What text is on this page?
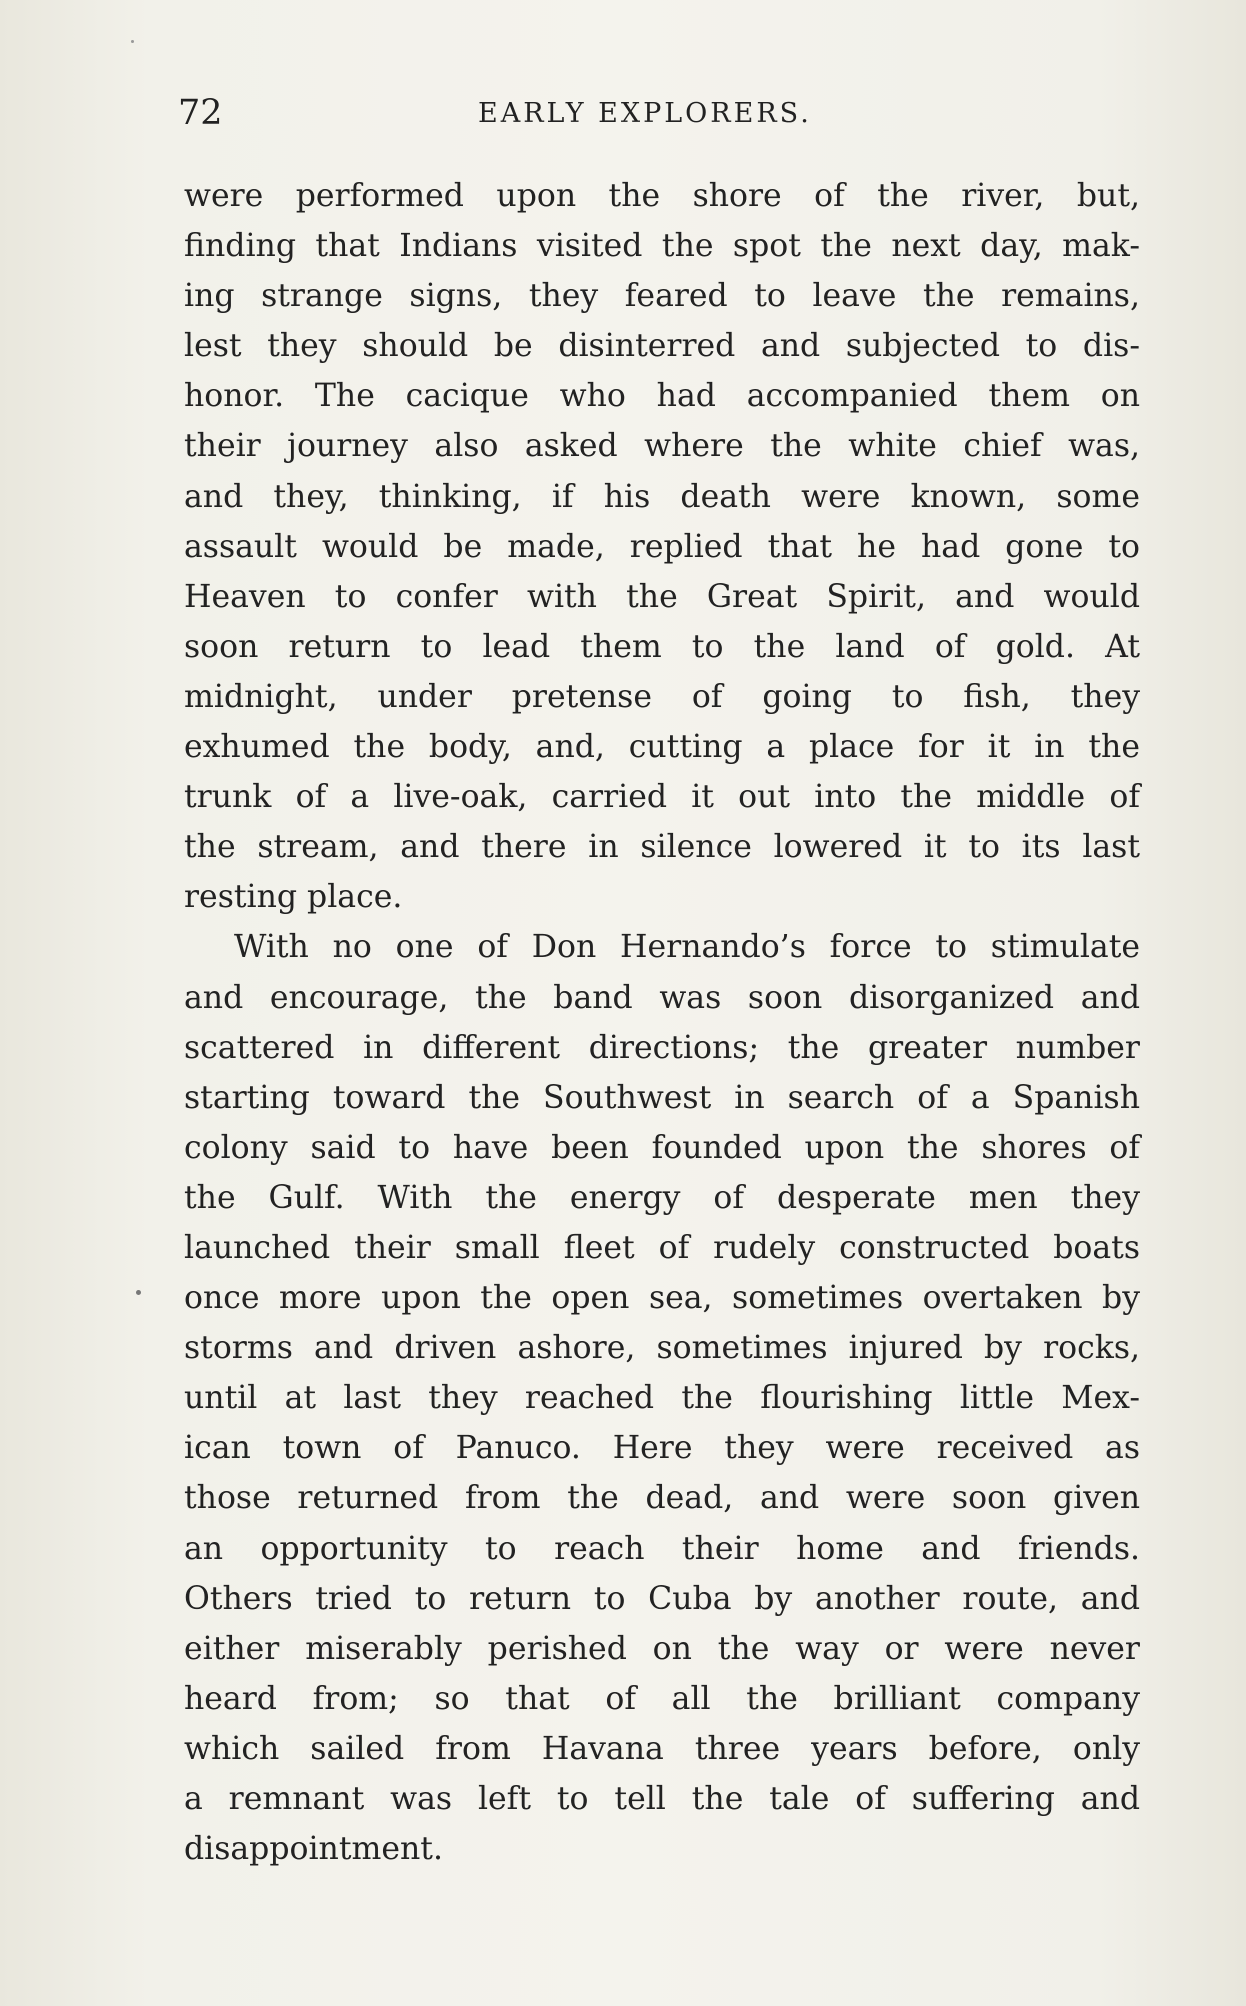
72	EARLY EXPLORERS.
were performed upon the shore of the river, but,
finding that Indians visited the spot the next day, mak-
ing strange signs, they feared to leave the remains,
lest they should be disinterred and subjected to dis-
honor. The cacique who had accompanied them on
their journey also asked where the white chief was,
and they, thinking, if his death were known, some
assault would be made, replied that he had gone to
Heaven to confer with the Great Spirit, and would
soon return to lead them to the land of gold. At
midnight, under pretense of going to fish, they
exhumed the body, and, cutting a place for it in the
trunk of a live-oak, carried it out into the middle of
the stream, and there in silence lowered it to its last
resting place.
With no one of Don Hernando’s force to stimulate
and encourage, the band was soon disorganized and
scattered in different directions; the greater number
starting toward the Southwest in search of a Spanish
colony said to have been founded upon the shores of
the Gulf. With the energy of desperate men they
launched their small fleet of rudely constructed boats
once more upon the open sea, sometimes overtaken by
storms and driven ashore, sometimes injured by rocks,
until at last they reached the flourishing little Mex-
ican town of Panuco. Here they were received as
those returned from the dead, and were soon given
an opportunity to reach their home and friends.
Others tried to return to Cuba by another route, and
either miserably perished on the way or were never
heard from; so that of all the brilliant company
which sailed from Havana three years before, only
a remnant was left to tell the tale of suffering and
disappointment.
